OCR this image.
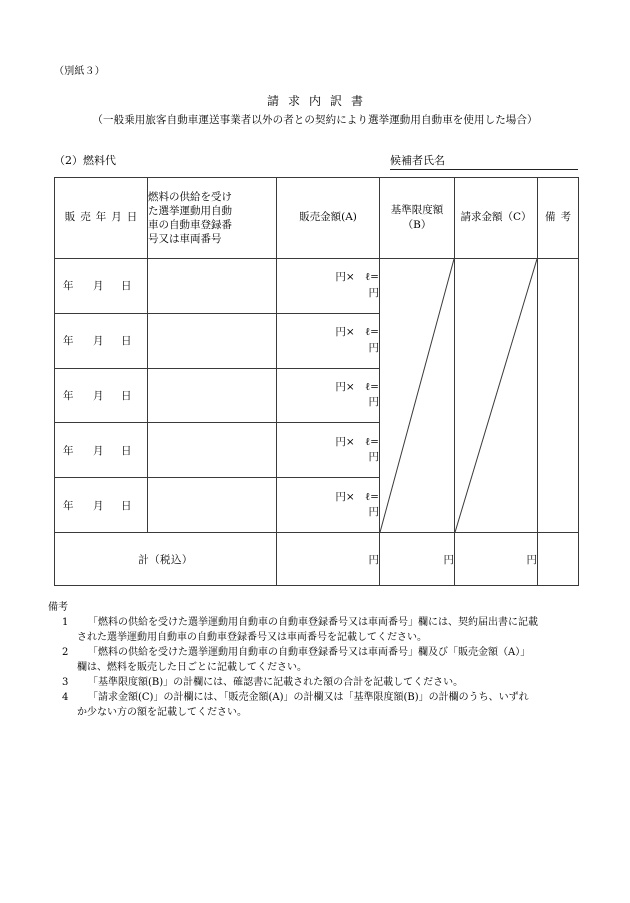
（別紙３）
請求内訳書
（一般乗用旅客自動車運送事業者以外の者との契約により選挙運動用自動車を使用した場合）
（2）燃料代	候補者氏名
販売年月日	燃料の供給を受け
た選挙運動用自動
車の自動車登録番
号又は車両番号	販売金額(A)	基準限度額（B）	請求金額（C）	備考
年 月 日		円×　ℓ=
円

年 月 日		円×　ℓ=
円			

年 月 日		円×　ℓ=
円			

年 月 日		円×　ℓ=
円			

年 月 日		円×　ℓ=
円			

計（税込）		円	円	円	
備考
1	「燃料の供給を受けた選挙運動用自動車の自動車登録番号又は車両番号」欄には、契約届出書に記載
された選挙運動用自動車の自動車登録番号又は車両番号を記載してください。
2	「燃料の供給を受けた選挙運動用自動車の自動車登録番号又は車両番号」欄及び「販売金額（A）」
欄は、燃料を販売した日ごとに記載してください。
3	「基準限度額(B)」の計欄には、確認書に記載された額の合計を記載してください。
4	「請求金額(C)」の計欄には、「販売金額(A)」の計欄又は「基準限度額(B)」の計欄のうち、いずれ
か少ない方の額を記載してください。
